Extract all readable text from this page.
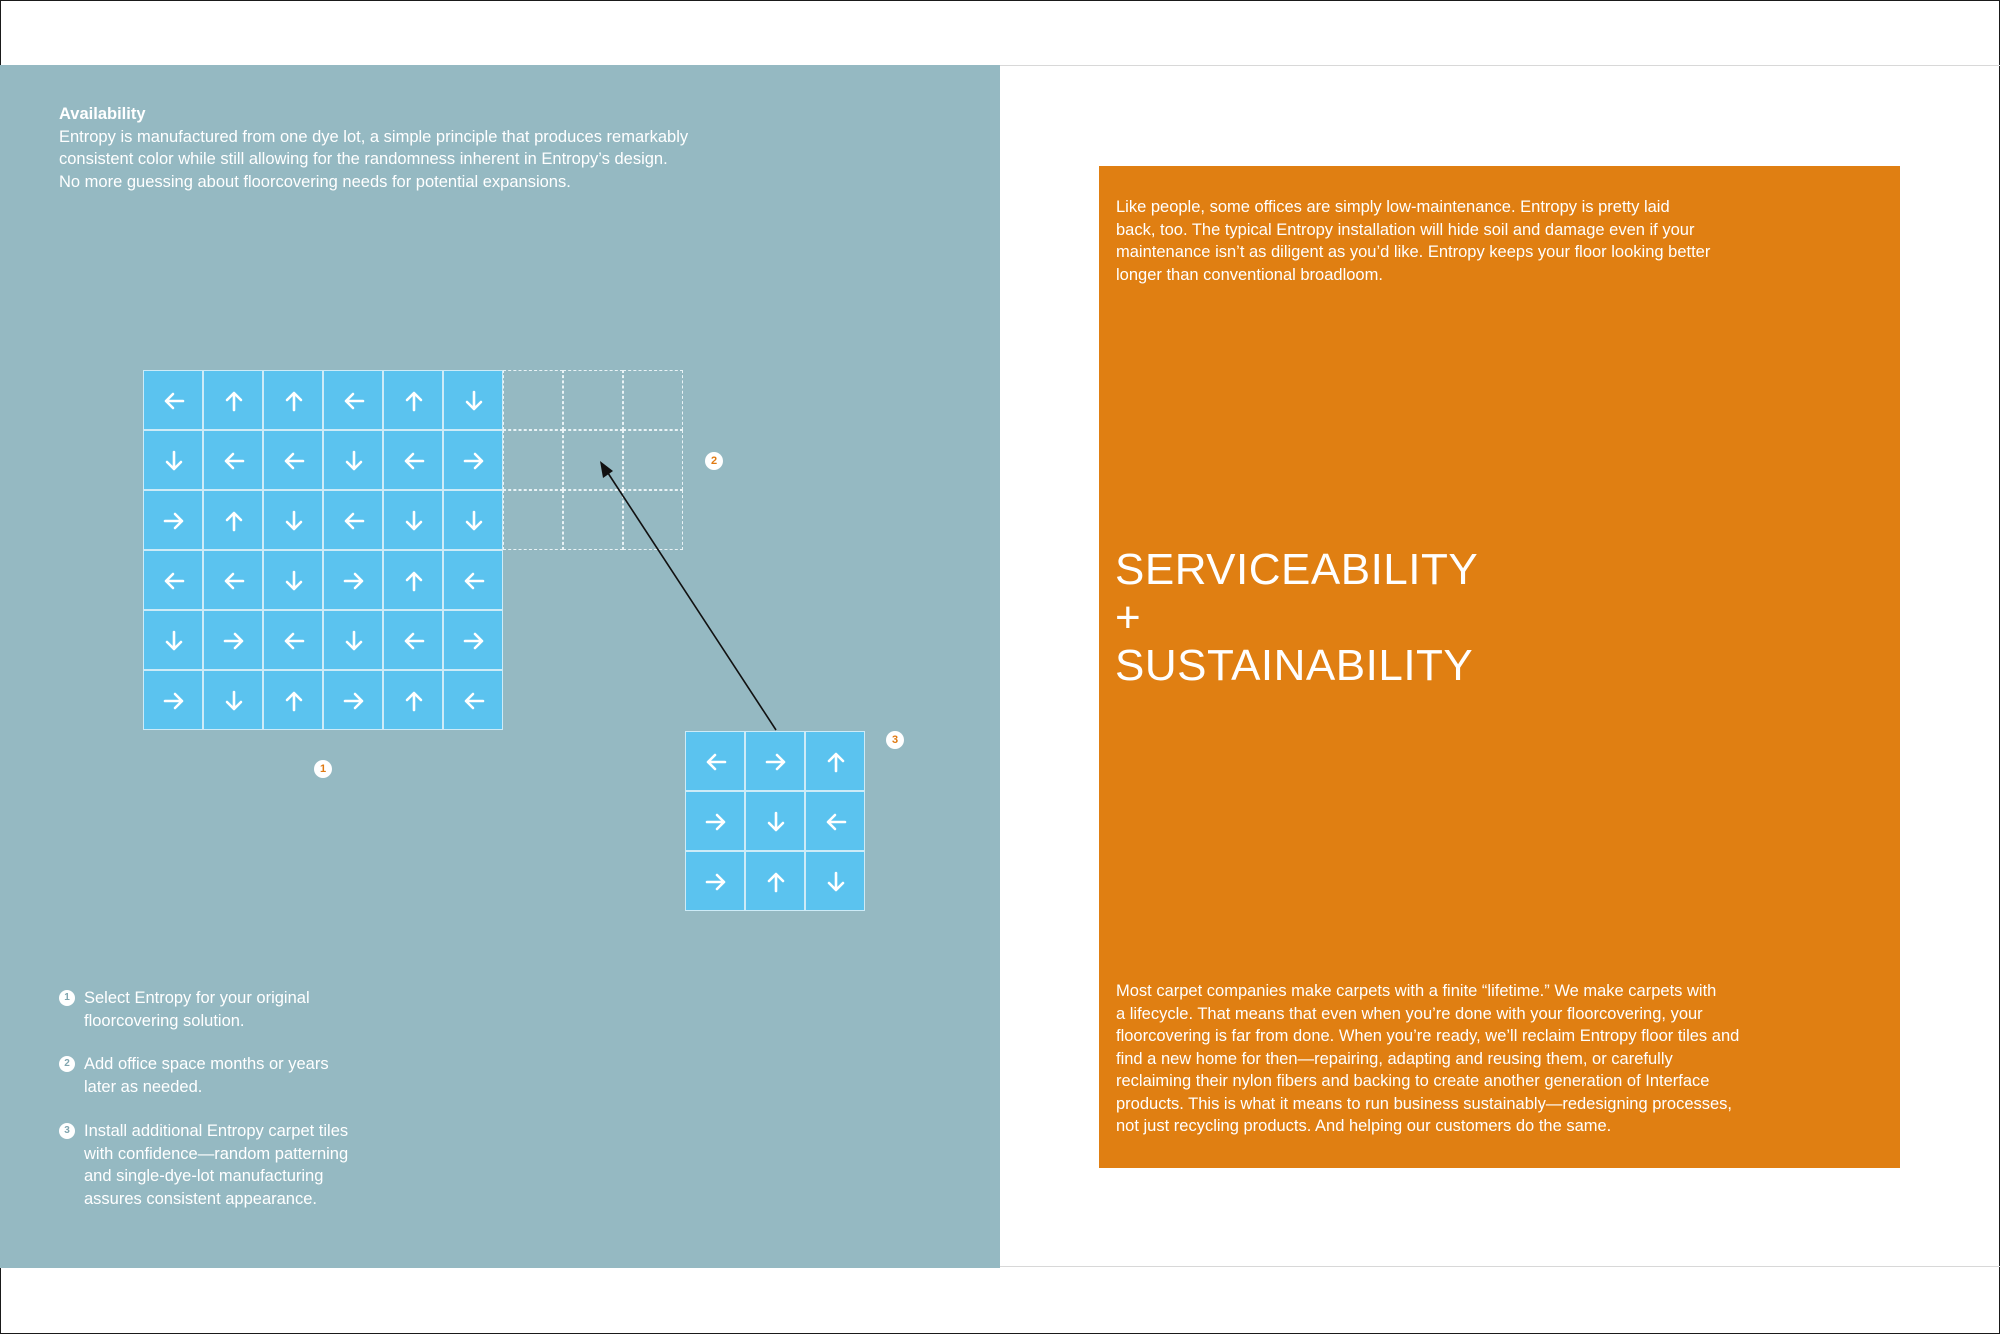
Availability
Entropy is manufactured from one dye lot, a simple principle that produces remarkably
consistent color while still allowing for the randomness inherent in Entropy’s design.
No more guessing about floorcovering needs for potential expansions.
1
2
3
1 Select Entropy for your original
floorcovering solution.
2 Add office space months or years
later as needed.
3 Install additional Entropy carpet tiles
with confidence—random patterning
and single-dye-lot manufacturing
assures consistent appearance.
Like people, some offices are simply low-maintenance. Entropy is pretty laid
back, too. The typical Entropy installation will hide soil and damage even if your
maintenance isn’t as diligent as you’d like. Entropy keeps your floor looking better
longer than conventional broadloom.
SERVICEABILITY
+
SUSTAINABILITY
Most carpet companies make carpets with a finite “lifetime.” We make carpets with
a lifecycle. That means that even when you’re done with your floorcovering, your
floorcovering is far from done. When you’re ready, we’ll reclaim Entropy floor tiles and
find a new home for then—repairing, adapting and reusing them, or carefully
reclaiming their nylon fibers and backing to create another generation of Interface
products. This is what it means to run business sustainably—redesigning processes,
not just recycling products. And helping our customers do the same.
